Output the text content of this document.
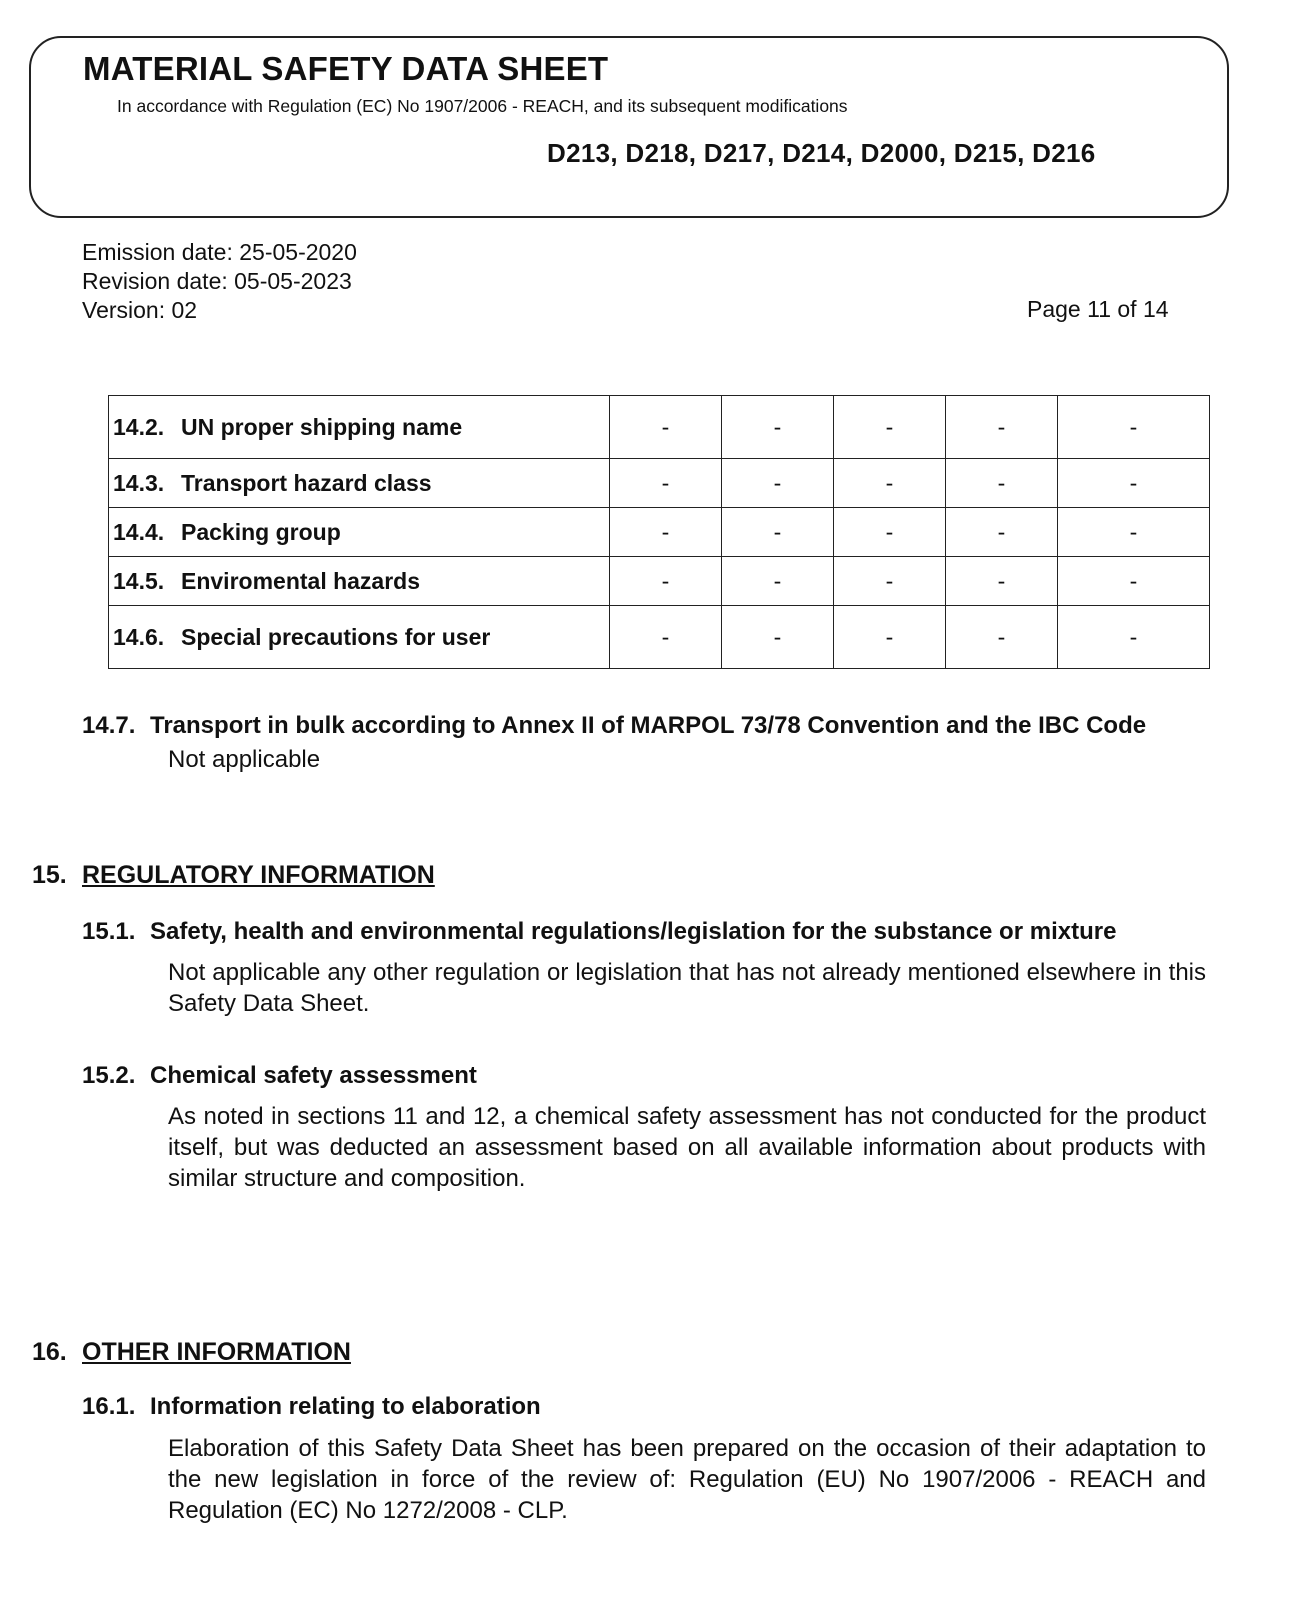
MATERIAL SAFETY DATA SHEET
In accordance with Regulation (EC) No 1907/2006 - REACH, and its subsequent modifications
D213, D218, D217, D214, D2000, D215, D216
Emission date: 25-05-2020
Revision date: 05-05-2023
Version: 02	Page 11 of 14
14.2. UN proper shipping name	-	-	-	-	-
14.3. Transport hazard class	-	-	-	-	-
14.4. Packing group	-	-	-	-	-
14.5. Enviromental hazards	-	-	-	-	-
14.6. Special precautions for user	-	-	-	-	-
14.7. Transport in bulk according to Annex II of MARPOL 73/78 Convention and the IBC Code
Not applicable
15. REGULATORY INFORMATION
15.1. Safety, health and environmental regulations/legislation for the substance or mixture
Not applicable any other regulation or legislation that has not already mentioned elsewhere in this Safety Data Sheet.
15.2. Chemical safety assessment
As noted in sections 11 and 12, a chemical safety assessment has not conducted for the product itself, but was deducted an assessment based on all available information about products with similar structure and composition.
16. OTHER INFORMATION
16.1. Information relating to elaboration
Elaboration of this Safety Data Sheet has been prepared on the occasion of their adaptation to the new legislation in force of the review of: Regulation (EU) No 1907/2006 - REACH and Regulation (EC) No 1272/2008 - CLP.
